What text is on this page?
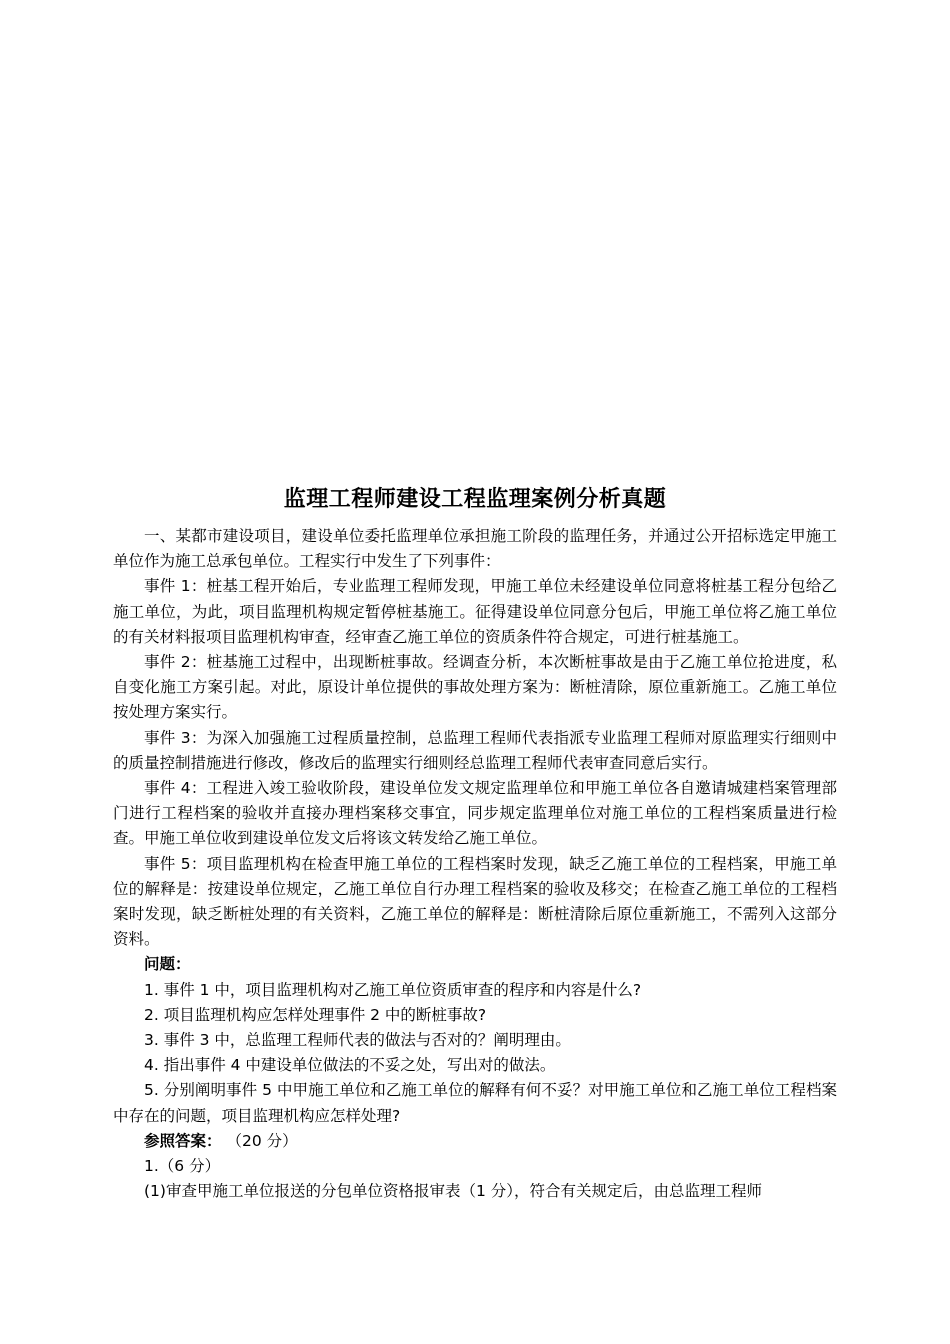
监理工程师建设工程监理案例分析真题

一、某都市建设项目，建设单位委托监理单位承担施工阶段的监理任务，并通过公开招标选定甲施工单位作为施工总承包单位。工程实行中发生了下列事件：

事件 1：桩基工程开始后，专业监理工程师发现，甲施工单位未经建设单位同意将桩基工程分包给乙施工单位，为此，项目监理机构规定暂停桩基施工。征得建设单位同意分包后，甲施工单位将乙施工单位的有关材料报项目监理机构审查，经审查乙施工单位的资质条件符合规定，可进行桩基施工。

事件 2：桩基施工过程中，出现断桩事故。经调查分析，本次断桩事故是由于乙施工单位抢进度，私自变化施工方案引起。对此，原设计单位提供的事故处理方案为：断桩清除，原位重新施工。乙施工单位按处理方案实行。

事件 3：为深入加强施工过程质量控制，总监理工程师代表指派专业监理工程师对原监理实行细则中的质量控制措施进行修改，修改后的监理实行细则经总监理工程师代表审查同意后实行。

事件 4：工程进入竣工验收阶段，建设单位发文规定监理单位和甲施工单位各自邀请城建档案管理部门进行工程档案的验收并直接办理档案移交事宜，同步规定监理单位对施工单位的工程档案质量进行检查。甲施工单位收到建设单位发文后将该文转发给乙施工单位。

事件 5：项目监理机构在检查甲施工单位的工程档案时发现，缺乏乙施工单位的工程档案，甲施工单位的解释是：按建设单位规定，乙施工单位自行办理工程档案的验收及移交；在检查乙施工单位的工程档案时发现，缺乏断桩处理的有关资料，乙施工单位的解释是：断桩清除后原位重新施工，不需列入这部分资料。

问题：

1. 事件 1 中，项目监理机构对乙施工单位资质审查的程序和内容是什么?

2. 项目监理机构应怎样处理事件 2 中的断桩事故?

3. 事件 3 中，总监理工程师代表的做法与否对的？阐明理由。

4. 指出事件 4 中建设单位做法的不妥之处，写出对的做法。

5. 分别阐明事件 5 中甲施工单位和乙施工单位的解释有何不妥？对甲施工单位和乙施工单位工程档案中存在的问题，项目监理机构应怎样处理?

参照答案： （20 分）

1.（6 分）

(1)审查甲施工单位报送的分包单位资格报审表（1 分），符合有关规定后，由总监理工程师
